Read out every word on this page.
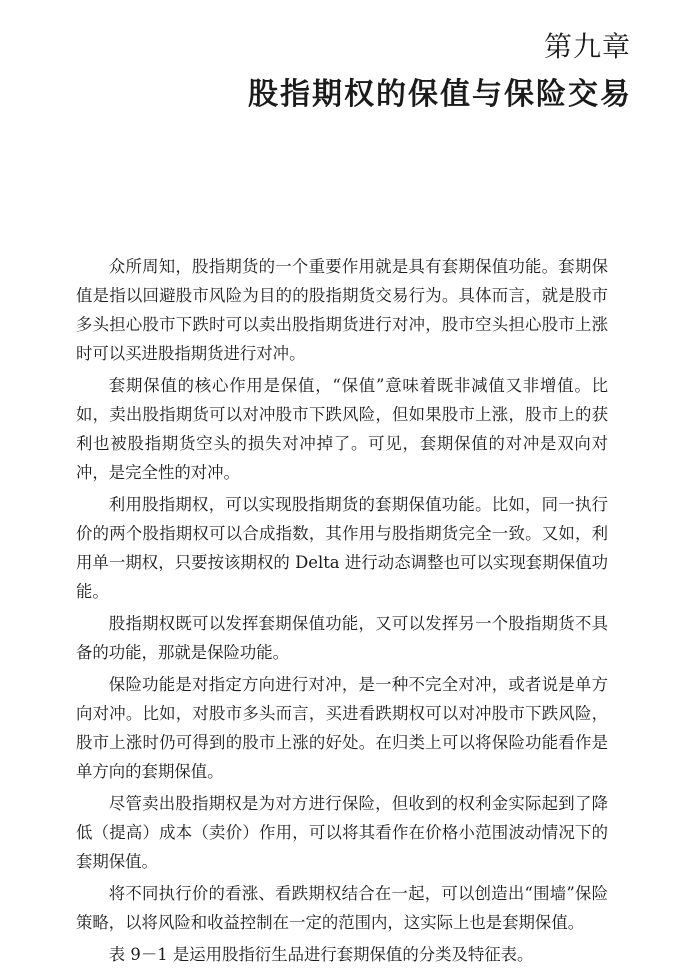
第九章
股指期权的保值与保险交易

众所周知，股指期货的一个重要作用就是具有套期保值功能。套期保值是指以回避股市风险为目的的股指期货交易行为。具体而言，就是股市多头担心股市下跌时可以卖出股指期货进行对冲，股市空头担心股市上涨时可以买进股指期货进行对冲。

套期保值的核心作用是保值，“保值”意味着既非减值又非增值。比如，卖出股指期货可以对冲股市下跌风险，但如果股市上涨，股市上的获利也被股指期货空头的损失对冲掉了。可见，套期保值的对冲是双向对冲，是完全性的对冲。

利用股指期权，可以实现股指期货的套期保值功能。比如，同一执行价的两个股指期权可以合成指数，其作用与股指期货完全一致。又如，利用单一期权，只要按该期权的 Delta 进行动态调整也可以实现套期保值功能。

股指期权既可以发挥套期保值功能，又可以发挥另一个股指期货不具备的功能，那就是保险功能。

保险功能是对指定方向进行对冲，是一种不完全对冲，或者说是单方向对冲。比如，对股市多头而言，买进看跌期权可以对冲股市下跌风险，股市上涨时仍可得到的股市上涨的好处。在归类上可以将保险功能看作是单方向的套期保值。

尽管卖出股指期权是为对方进行保险，但收到的权利金实际起到了降低（提高）成本（卖价）作用，可以将其看作在价格小范围波动情况下的套期保值。

将不同执行价的看涨、看跌期权结合在一起，可以创造出“围墙”保险策略，以将风险和收益控制在一定的范围内，这实际上也是套期保值。

表 9－1 是运用股指衍生品进行套期保值的分类及特征表。
